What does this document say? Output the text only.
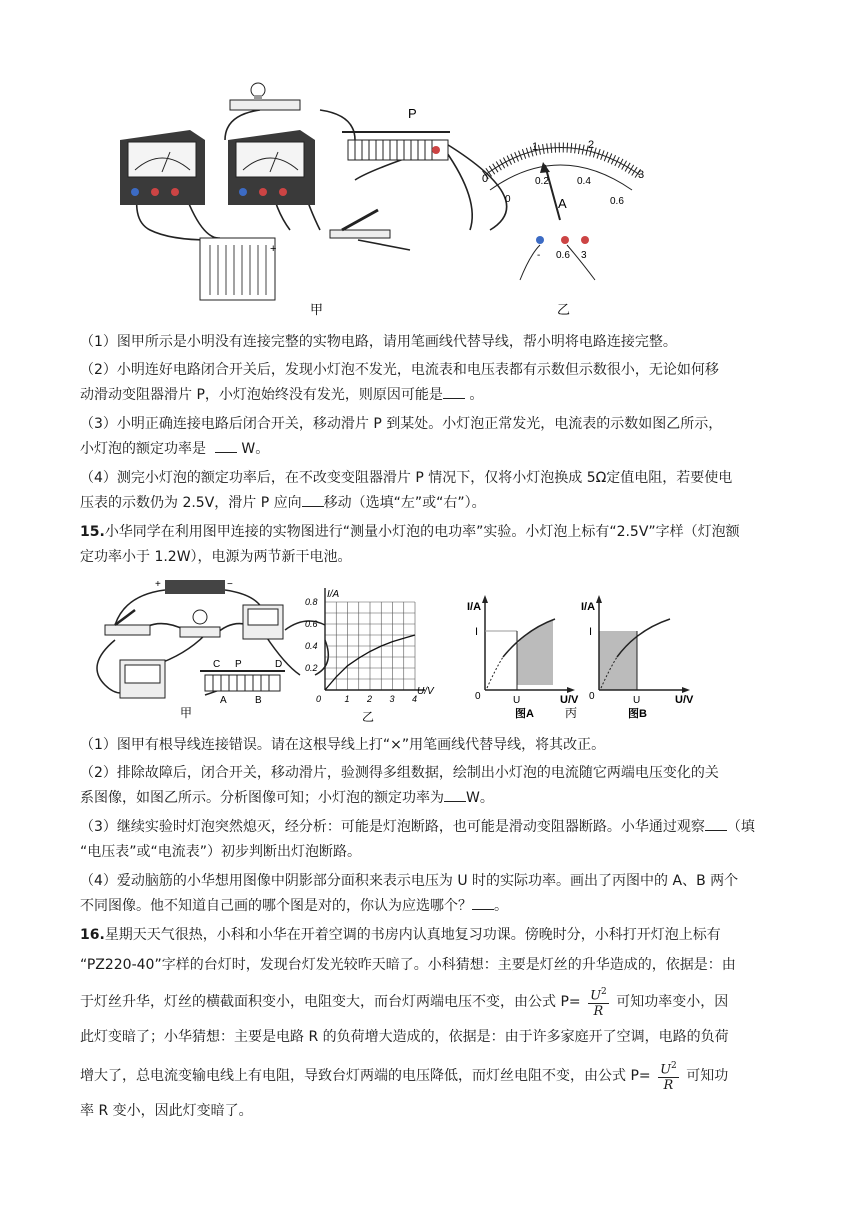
P
+
甲
0
1	2
3
0
0.2	0.4
0.6
A
- 0.6 3
乙
（1）图甲所示是小明没有连接完整的实物电路，请用笔画线代替导线，帮小明将电路连接完整。
（2）小明连好电路闭合开关后，发现小灯泡不发光，电流表和电压表都有示数但示数很小，无论如何移
动滑动变阻器滑片 P，小灯泡始终没有发光，则原因可能是 。
（3）小明正确连接电路后闭合开关，移动滑片 P 到某处。小灯泡正常发光，电流表的示数如图乙所示，
小灯泡的额定功率是	W。
（4）测完小灯泡的额定功率后，在不改变变阻器滑片 P 情况下，仅将小灯泡换成 5Ω定值电阻，若要使电
压表的示数仍为 2.5V，滑片 P 应向 移动（选填“左”或“右”）。
15.小华同学在利用图甲连接的实物图进行“测量小灯泡的电功率”实验。小灯泡上标有“2.5V”字样（灯泡额
定功率小于 1.2W），电源为两节新干电池。
+	−
C P	D
A	B
甲
0.2
0.4
0.6
0.8
1 2 3 4
0
I/A
U/V
乙
I/A
U/V
I
U
0
图A	丙
I/A
U/V
I
U
0
图B
（1）图甲有根导线连接错误。请在这根导线上打“×”用笔画线代替导线，将其改正。
（2）排除故障后，闭合开关，移动滑片，验测得多组数据，绘制出小灯泡的电流随它两端电压变化的关
系图像，如图乙所示。分析图像可知；小灯泡的额定功率为 W。
（3）继续实验时灯泡突然熄灭，经分析：可能是灯泡断路，也可能是滑动变阻器断路。小华通过观察 （填
“电压表”或“电流表”）初步判断出灯泡断路。
（4）爱动脑筋的小华想用图像中阴影部分面积来表示电压为 U 时的实际功率。画出了丙图中的 A、B 两个
不同图像。他不知道自己画的哪个图是对的，你认为应选哪个？ 。
16.星期天天气很热，小科和小华在开着空调的书房内认真地复习功课。傍晚时分，小科打开灯泡上标有
“PZ220-40”字样的台灯时，发现台灯发光较昨天暗了。小科猜想：主要是灯丝的升华造成的，依据是：由
于灯丝升华，灯丝的横截面积变小，电阻变大，而台灯两端电压不变，由公式 $P= \frac{U^2}{R}$ 可知功率变小，因
此灯变暗了；小华猜想：主要是电路 R 的负荷增大造成的，依据是：由于许多家庭开了空调，电路的负荷
增大了，总电流变输电线上有电阻，导致台灯两端的电压降低，而灯丝电阻不变，由公式 $P= \frac{U^2}{R}$ 可知功
率 R 变小，因此灯变暗了。
